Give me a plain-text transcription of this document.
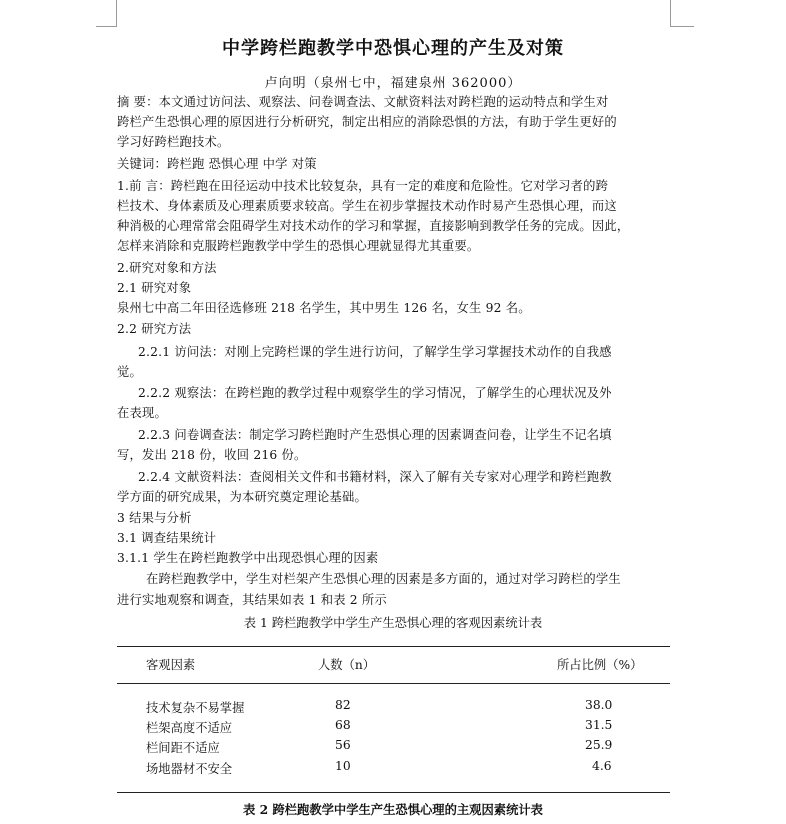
中学跨栏跑教学中恐惧心理的产生及对策
卢向明（泉州七中，福建泉州 362000）

摘 要：本文通过访问法、观察法、问卷调查法、文献资料法对跨栏跑的运动特点和学生对

跨栏产生恐惧心理的原因进行分析研究，制定出相应的消除恐惧的方法，有助于学生更好的

学习好跨栏跑技术。

关键词：跨栏跑 恐惧心理 中学 对策

1.前 言：跨栏跑在田径运动中技术比较复杂，具有一定的难度和危险性。它对学习者的跨

栏技术、身体素质及心理素质要求较高。学生在初步掌握技术动作时易产生恐惧心理，而这

种消极的心理常常会阻碍学生对技术动作的学习和掌握，直接影响到教学任务的完成。因此，

怎样来消除和克服跨栏跑教学中学生的恐惧心理就显得尤其重要。

2.研究对象和方法

2.1 研究对象

泉州七中高二年田径选修班 218 名学生，其中男生 126 名，女生 92 名。

2.2 研究方法

2.2.1 访问法：对刚上完跨栏课的学生进行访问，了解学生学习掌握技术动作的自我感

觉。

2.2.2 观察法：在跨栏跑的教学过程中观察学生的学习情况，了解学生的心理状况及外

在表现。

2.2.3 问卷调查法：制定学习跨栏跑时产生恐惧心理的因素调查问卷，让学生不记名填

写，发出 218 份，收回 216 份。

2.2.4 文献资料法：查阅相关文件和书籍材料，深入了解有关专家对心理学和跨栏跑教

学方面的研究成果，为本研究奠定理论基础。

3 结果与分析

3.1 调查结果统计

3.1.1 学生在跨栏跑教学中出现恐惧心理的因素

在跨栏跑教学中，学生对栏架产生恐惧心理的因素是多方面的，通过对学习跨栏的学生

进行实地观察和调查，其结果如表 1 和表 2 所示

表 1 跨栏跑教学中学生产生恐惧心理的客观因素统计表
客观因素	人数（n）	所占比例（%）
技术复杂不易掌握	82	38.0
栏架高度不适应	68	31.5
栏间距不适应	56	25.9
场地器材不安全	10	4.6
表 2 跨栏跑教学中学生产生恐惧心理的主观因素统计表
